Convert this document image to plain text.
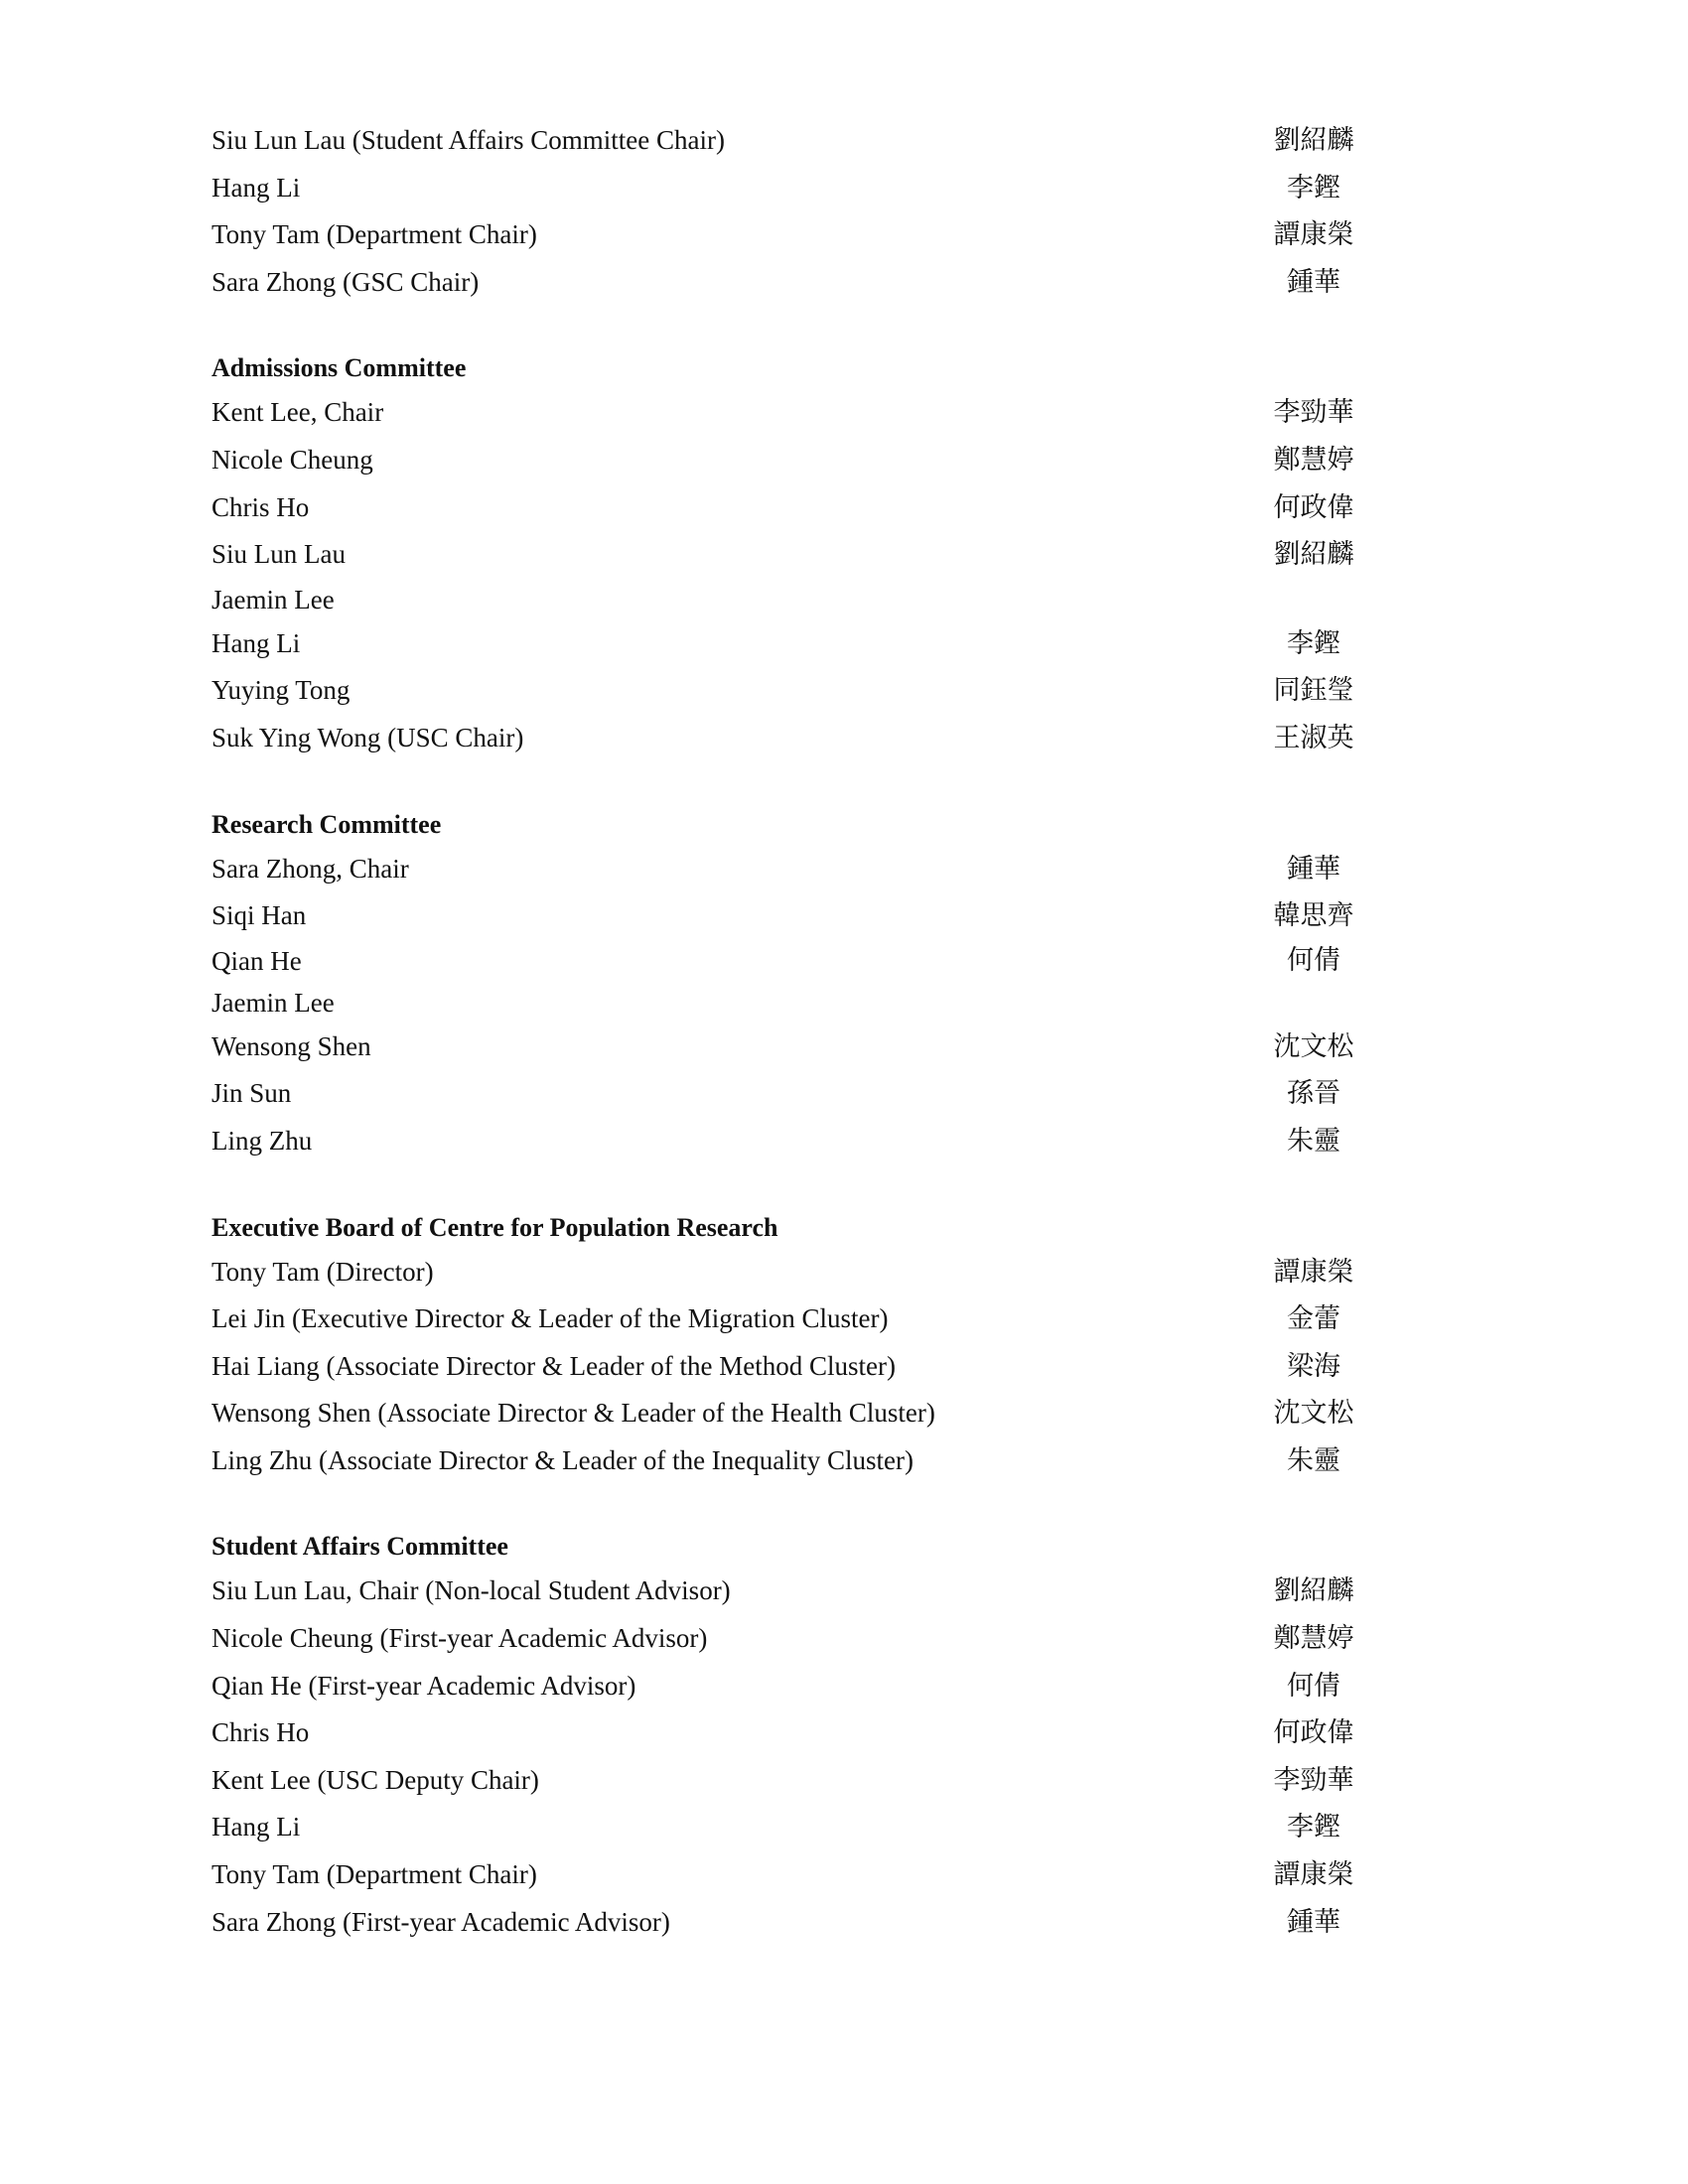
Siu Lun Lau (Student Affairs Committee Chair)	劉紹麟
Hang Li	李鏗
Tony Tam (Department Chair)	譚康榮
Sara Zhong (GSC Chair)	鍾華
Admissions Committee
Kent Lee, Chair	李勁華
Nicole Cheung	鄭慧婷
Chris Ho	何政偉
Siu Lun Lau	劉紹麟
Jaemin Lee
Hang Li	李鏗
Yuying Tong	同鈺瑩
Suk Ying Wong (USC Chair)	王淑英
Research Committee
Sara Zhong, Chair	鍾華
Siqi Han	韓思齊
Qian He	何倩
Jaemin Lee
Wensong Shen	沈文松
Jin Sun	孫晉
Ling Zhu	朱靈
Executive Board of Centre for Population Research
Tony Tam (Director)	譚康榮
Lei Jin (Executive Director & Leader of the Migration Cluster)	金蕾
Hai Liang (Associate Director & Leader of the Method Cluster)	梁海
Wensong Shen (Associate Director & Leader of the Health Cluster)	沈文松
Ling Zhu (Associate Director & Leader of the Inequality Cluster)	朱靈
Student Affairs Committee
Siu Lun Lau, Chair (Non-local Student Advisor)	劉紹麟
Nicole Cheung (First-year Academic Advisor)	鄭慧婷
Qian He (First-year Academic Advisor)	何倩
Chris Ho	何政偉
Kent Lee (USC Deputy Chair)	李勁華
Hang Li	李鏗
Tony Tam (Department Chair)	譚康榮
Sara Zhong (First-year Academic Advisor)	鍾華
